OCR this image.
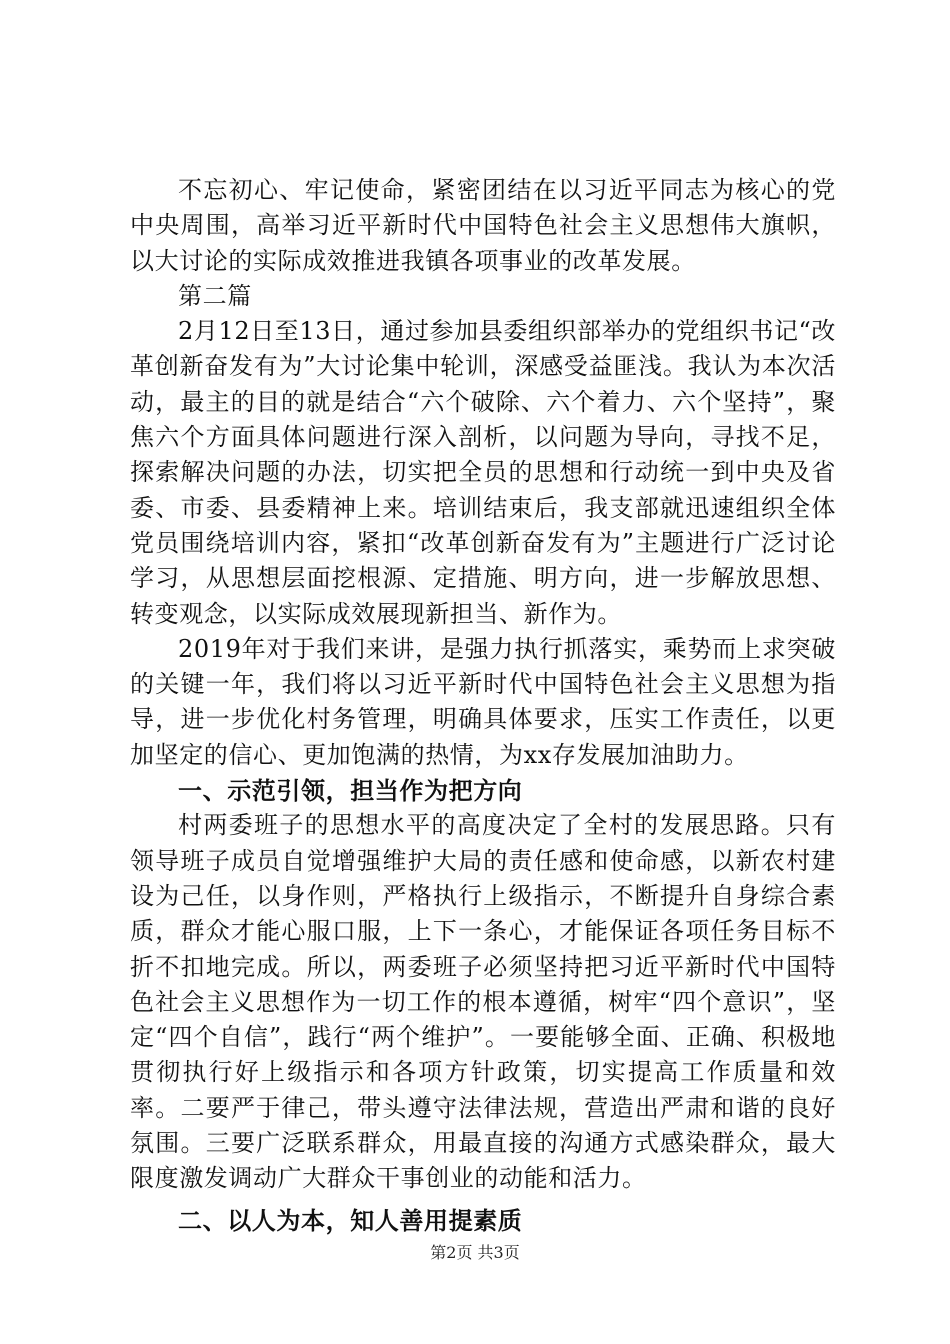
不忘初心、牢记使命，紧密团结在以习近平同志为核心的党中央周围，高举习近平新时代中国特色社会主义思想伟大旗帜，以大讨论的实际成效推进我镇各项事业的改革发展。

第二篇

2月12日至13日，通过参加县委组织部举办的党组织书记“改革创新奋发有为”大讨论集中轮训，深感受益匪浅。我认为本次活动，最主的目的就是结合“六个破除、六个着力、六个坚持”，聚焦六个方面具体问题进行深入剖析，以问题为导向，寻找不足，探索解决问题的办法，切实把全员的思想和行动统一到中央及省委、市委、县委精神上来。培训结束后，我支部就迅速组织全体党员围绕培训内容，紧扣“改革创新奋发有为”主题进行广泛讨论学习，从思想层面挖根源、定措施、明方向，进一步解放思想、转变观念，以实际成效展现新担当、新作为。

2019年对于我们来讲，是强力执行抓落实，乘势而上求突破的关键一年，我们将以习近平新时代中国特色社会主义思想为指导，进一步优化村务管理，明确具体要求，压实工作责任，以更加坚定的信心、更加饱满的热情，为xx存发展加油助力。

一、示范引领，担当作为把方向

村两委班子的思想水平的高度决定了全村的发展思路。只有领导班子成员自觉增强维护大局的责任感和使命感，以新农村建设为己任，以身作则，严格执行上级指示，不断提升自身综合素质，群众才能心服口服，上下一条心，才能保证各项任务目标不折不扣地完成。所以，两委班子必须坚持把习近平新时代中国特色社会主义思想作为一切工作的根本遵循，树牢“四个意识”，坚定“四个自信”，践行“两个维护”。一要能够全面、正确、积极地贯彻执行好上级指示和各项方针政策，切实提高工作质量和效率。二要严于律己，带头遵守法律法规，营造出严肃和谐的良好氛围。三要广泛联系群众，用最直接的沟通方式感染群众，最大限度激发调动广大群众干事创业的动能和活力。

二、以人为本，知人善用提素质

第2页 共3页
